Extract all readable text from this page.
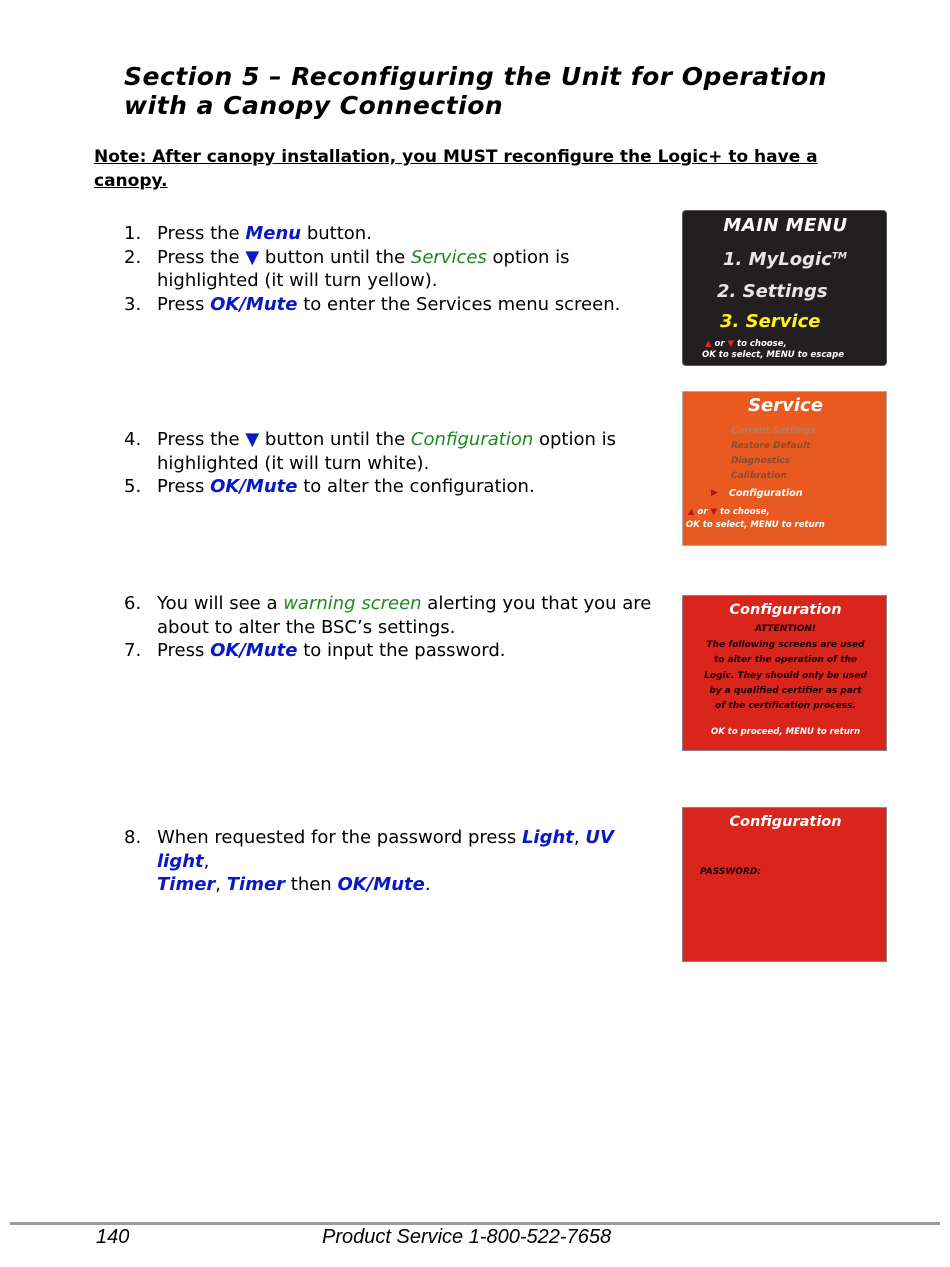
Section 5 – Reconfiguring the Unit for Operation
with a Canopy Connection
Note: After canopy installation, you MUST reconfigure the Logic+ to have a canopy.
1. Press the Menu button.
2. Press the ▼ button until the Services option is highlighted (it will turn yellow).
3. Press OK/Mute to enter the Services menu screen.
4. Press the ▼ button until the Configuration option is highlighted (it will turn white).
5. Press OK/Mute to alter the configuration.
6. You will see a warning screen alerting you that you are about to alter the BSC’s settings.
7. Press OK/Mute to input the password.
8. When requested for the password press Light, UV light,
Timer, Timer then OK/Mute.
MAIN MENU
1. MyLogic™
2. Settings
3. Service
▲ or ▼ to choose,
OK to select, MENU to escape
Service
Current Settings
Restore Default
Diagnostics
Calibration
▶ Configuration
▲ or ▼ to choose,
OK to select, MENU to return
Configuration
ATTENTION!
The following screens are used
to alter the operation of the
Logic. They should only be used
by a qualified certifier as part
of the certification process.
OK to proceed, MENU to return
Configuration
PASSWORD:
140	Product Service 1-800-522-7658
